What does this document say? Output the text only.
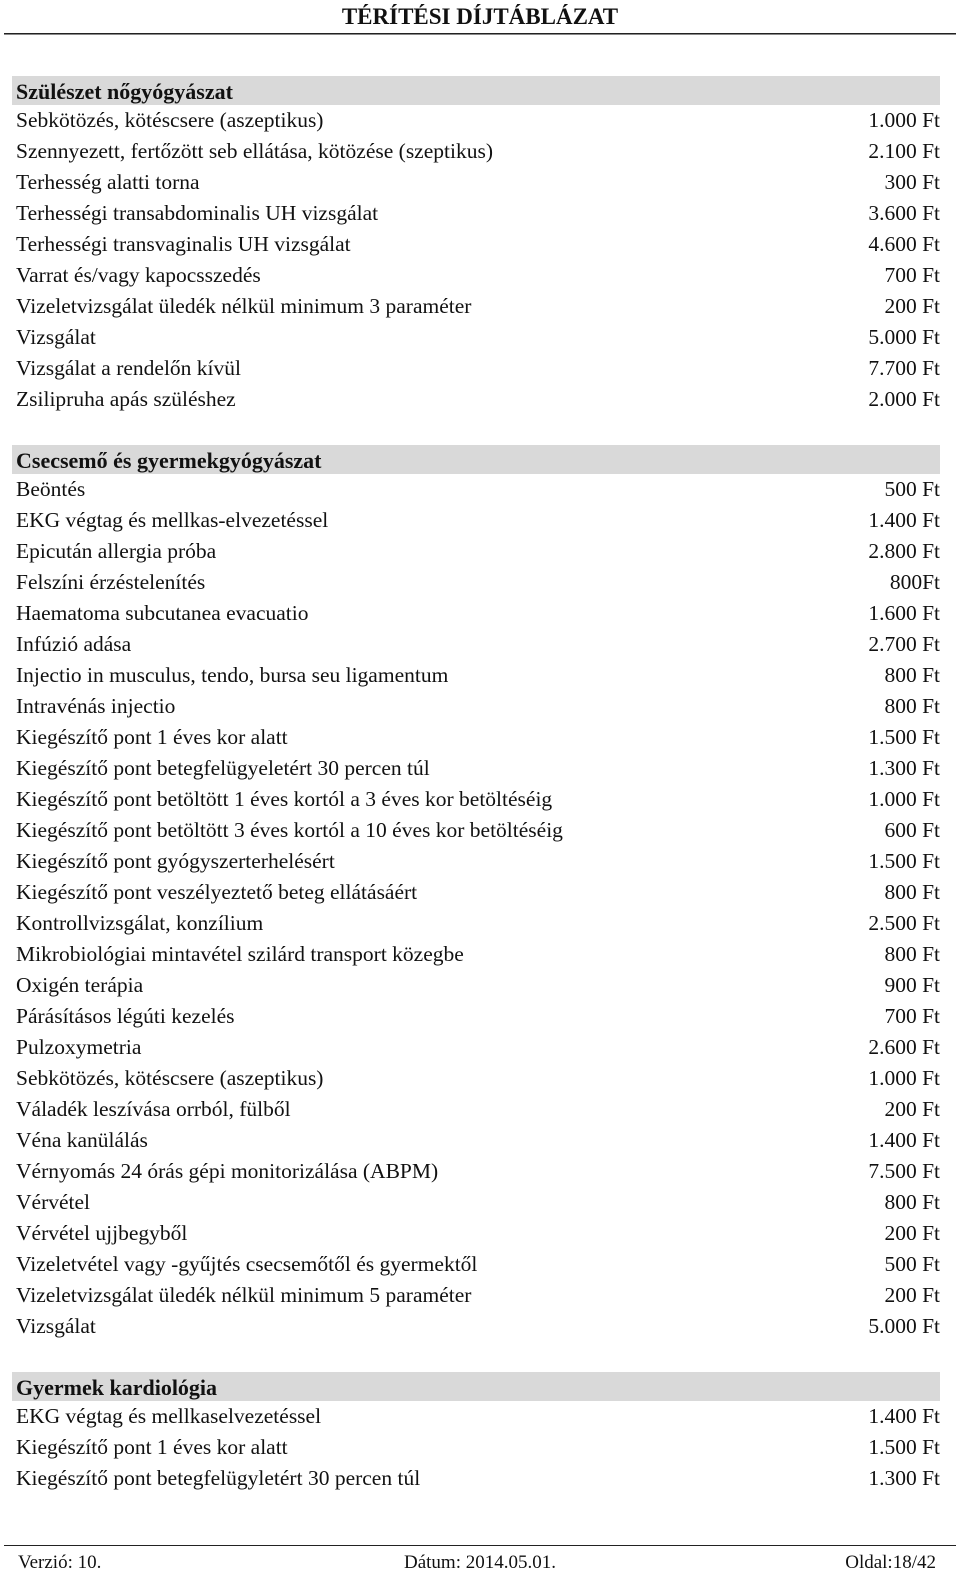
TÉRÍTÉSI DÍJTÁBLÁZAT
Szülészet nőgyógyászat
Sebkötözés, kötéscsere (aszeptikus)	1.000 Ft
Szennyezett, fertőzött seb ellátása, kötözése (szeptikus)	2.100 Ft
Terhesség alatti torna	300 Ft
Terhességi transabdominalis UH vizsgálat	3.600 Ft
Terhességi transvaginalis UH vizsgálat	4.600 Ft
Varrat és/vagy kapocsszedés	700 Ft
Vizeletvizsgálat üledék nélkül minimum 3 paraméter	200 Ft
Vizsgálat	5.000 Ft
Vizsgálat a rendelőn kívül	7.700 Ft
Zsilipruha apás szüléshez	2.000 Ft
Csecsemő és gyermekgyógyászat
Beöntés	500 Ft
EKG végtag és mellkas-elvezetéssel	1.400 Ft
Epicután allergia próba	2.800 Ft
Felszíni érzéstelenítés	800Ft
Haematoma subcutanea evacuatio	1.600 Ft
Infúzió adása	2.700 Ft
Injectio in musculus, tendo, bursa seu ligamentum	800 Ft
Intravénás injectio	800 Ft
Kiegészítő pont 1 éves kor alatt	1.500 Ft
Kiegészítő pont betegfelügyeletért 30 percen túl	1.300 Ft
Kiegészítő pont betöltött 1 éves kortól a 3 éves kor betöltéséig	1.000 Ft
Kiegészítő pont betöltött 3 éves kortól a 10 éves kor betöltéséig	600 Ft
Kiegészítő pont gyógyszerterhelésért	1.500 Ft
Kiegészítő pont veszélyeztető beteg ellátásáért	800 Ft
Kontrollvizsgálat, konzílium	2.500 Ft
Mikrobiológiai mintavétel szilárd transport közegbe	800 Ft
Oxigén terápia	900 Ft
Párásításos légúti kezelés	700 Ft
Pulzoxymetria	2.600 Ft
Sebkötözés, kötéscsere (aszeptikus)	1.000 Ft
Váladék leszívása orrból, fülből	200 Ft
Véna kanülálás	1.400 Ft
Vérnyomás 24 órás gépi monitorizálása (ABPM)	7.500 Ft
Vérvétel	800 Ft
Vérvétel ujjbegyből	200 Ft
Vizeletvétel vagy -gyűjtés csecsemőtől és gyermektől	500 Ft
Vizeletvizsgálat üledék nélkül minimum 5 paraméter	200 Ft
Vizsgálat	5.000 Ft
Gyermek kardiológia
EKG végtag és mellkaselvezetéssel	1.400 Ft
Kiegészítő pont 1 éves kor alatt	1.500 Ft
Kiegészítő pont betegfelügyletért 30 percen túl	1.300 Ft
Verzió: 10.	Dátum: 2014.05.01.	Oldal:18/42
